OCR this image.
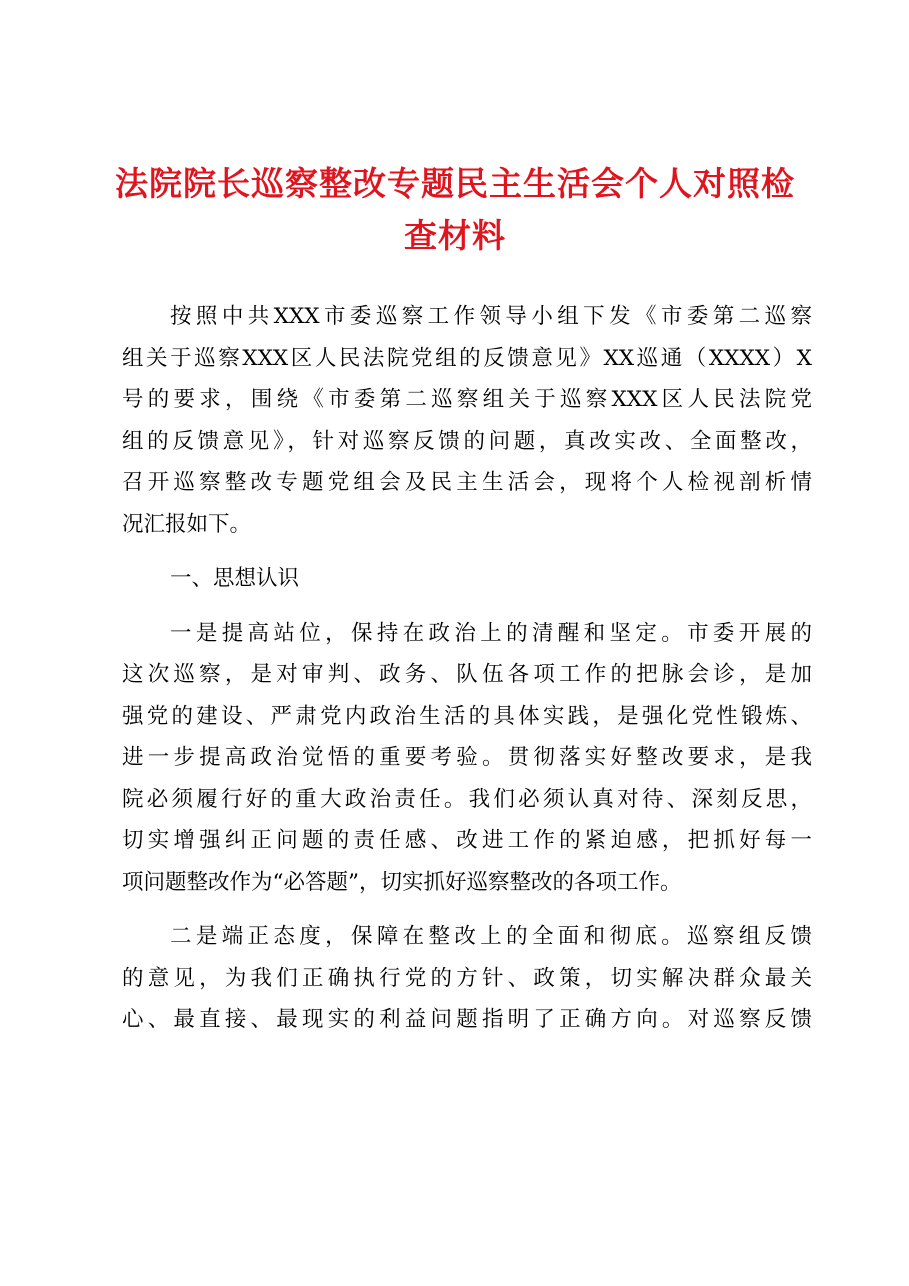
法院院长巡察整改专题民主生活会个人对照检
查材料

按照中共XXX市委巡察工作领导小组下发《市委第二巡察
组关于巡察XXX区人民法院党组的反馈意见》XX巡通（XXXX）X
号的要求，围绕《市委第二巡察组关于巡察XXX区人民法院党
组的反馈意见》，针对巡察反馈的问题，真改实改、全面整改，
召开巡察整改专题党组会及民主生活会，现将个人检视剖析情
况汇报如下。

一、思想认识

一是提高站位，保持在政治上的清醒和坚定。市委开展的
这次巡察，是对审判、政务、队伍各项工作的把脉会诊，是加
强党的建设、严肃党内政治生活的具体实践，是强化党性锻炼、
进一步提高政治觉悟的重要考验。贯彻落实好整改要求，是我
院必须履行好的重大政治责任。我们必须认真对待、深刻反思，
切实增强纠正问题的责任感、改进工作的紧迫感，把抓好每一
项问题整改作为“必答题”，切实抓好巡察整改的各项工作。

二是端正态度，保障在整改上的全面和彻底。巡察组反馈
的意见，为我们正确执行党的方针、政策，切实解决群众最关
心、最直接、最现实的利益问题指明了正确方向。对巡察反馈
